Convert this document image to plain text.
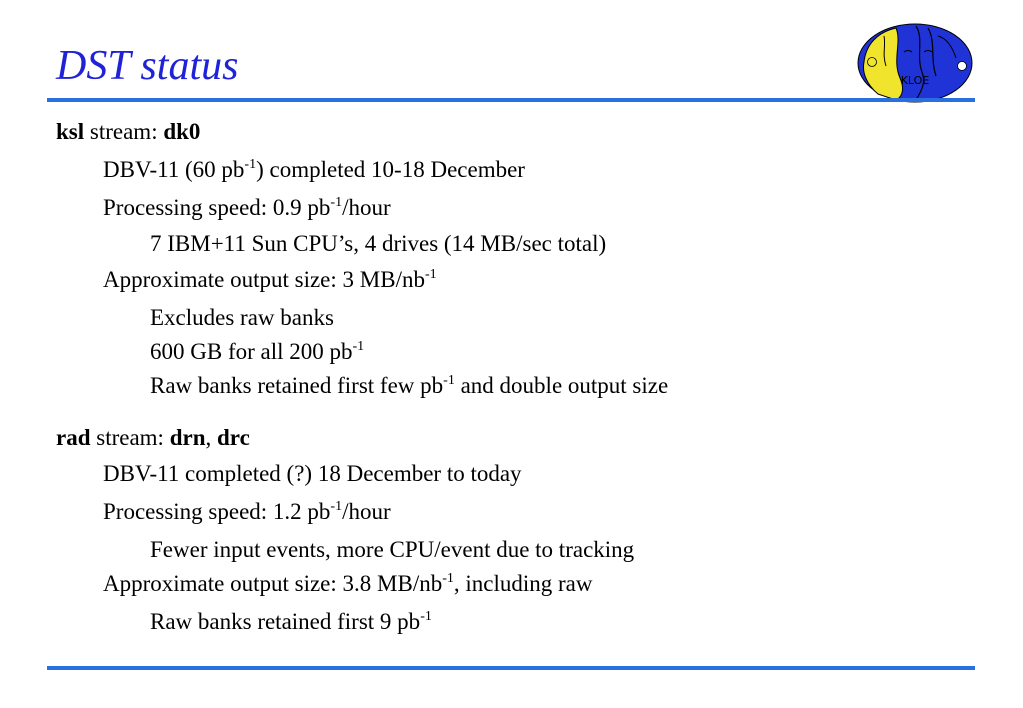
DST status	KLOE
ksl stream: dk0
DBV-11 (60 $pb^{-1}$) completed 10-18 December
Processing speed: 0.9 $pb^{-1}$/hour
7 IBM+11 Sun CPU’s, 4 drives (14 MB/sec total)
Approximate output size: 3 $MB/nb^{-1}$
Excludes raw banks
600 GB for all 200 $pb^{-1}$
Raw banks retained first few $pb^{-1}$ and double output size
rad stream: drn, drc
DBV-11 completed (?) 18 December to today
Processing speed: 1.2 $pb^{-1}$/hour
Fewer input events, more CPU/event due to tracking
Approximate output size: 3.8 $MB/nb^{-1}$, including raw
Raw banks retained first 9 $pb^{-1}$
